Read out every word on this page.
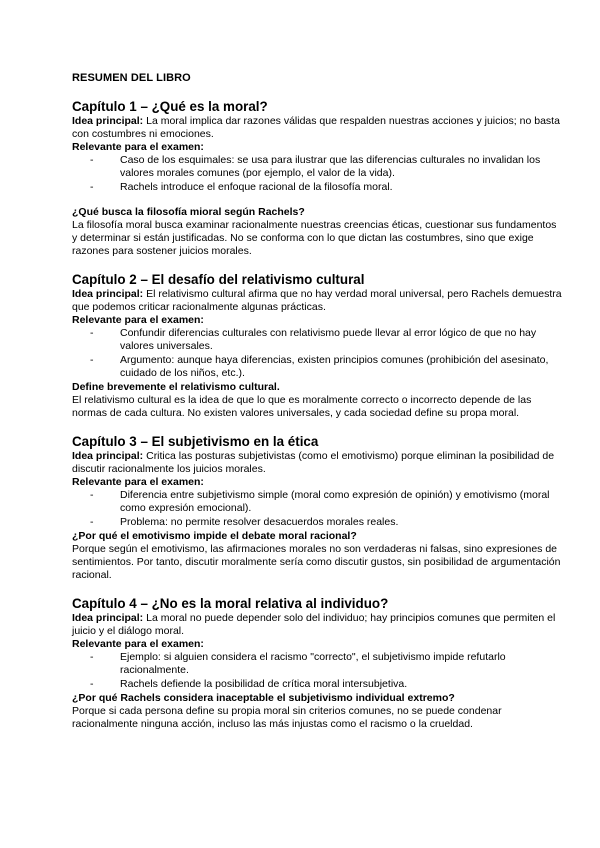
RESUMEN DEL LIBRO
Capítulo 1 – ¿Qué es la moral?

Idea principal: La moral implica dar razones válidas que respalden nuestras acciones y juicios; no basta con costumbres ni emociones.

Relevante para el examen:

- Caso de los esquimales: se usa para ilustrar que las diferencias culturales no invalidan los valores morales comunes (por ejemplo, el valor de la vida).
- Rachels introduce el enfoque racional de la filosofía moral.

¿Qué busca la filosofía mioral según Rachels?

La filosofía moral busca examinar racionalmente nuestras creencias éticas, cuestionar sus fundamentos y determinar si están justificadas. No se conforma con lo que dictan las costumbres, sino que exige razones para sostener juicios morales.

Capítulo 2 – El desafío del relativismo cultural

Idea principal: El relativismo cultural afirma que no hay verdad moral universal, pero Rachels demuestra que podemos criticar racionalmente algunas prácticas.

Relevante para el examen:

- Confundir diferencias culturales con relativismo puede llevar al error lógico de que no hay valores universales.
- Argumento: aunque haya diferencias, existen principios comunes (prohibición del asesinato, cuidado de los niños, etc.).

Define brevemente el relativismo cultural.

El relativismo cultural es la idea de que lo que es moralmente correcto o incorrecto depende de las normas de cada cultura. No existen valores universales, y cada sociedad define su propa moral.

Capítulo 3 – El subjetivismo en la ética

Idea principal: Critica las posturas subjetivistas (como el emotivismo) porque eliminan la posibilidad de discutir racionalmente los juicios morales.

Relevante para el examen:

- Diferencia entre subjetivismo simple (moral como expresión de opinión) y emotivismo (moral como expresión emocional).
- Problema: no permite resolver desacuerdos morales reales.

¿Por qué el emotivismo impide el debate moral racional?

Porque según el emotivismo, las afirmaciones morales no son verdaderas ni falsas, sino expresiones de sentimientos. Por tanto, discutir moralmente sería como discutir gustos, sin posibilidad de argumentación racional.

Capítulo 4 – ¿No es la moral relativa al individuo?

Idea principal: La moral no puede depender solo del individuo; hay principios comunes que permiten el juicio y el diálogo moral.

Relevante para el examen:

- Ejemplo: si alguien considera el racismo "correcto", el subjetivismo impide refutarlo racionalmente.
- Rachels defiende la posibilidad de crítica moral intersubjetiva.

¿Por qué Rachels considera inaceptable el subjetivismo individual extremo?

Porque si cada persona define su propia moral sin criterios comunes, no se puede condenar racionalmente ninguna acción, incluso las más injustas como el racismo o la crueldad.
